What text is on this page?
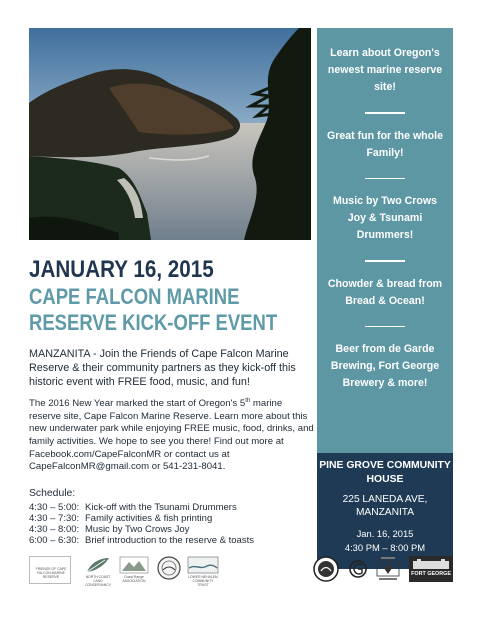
Learn about Oregon's newest marine reserve site!
Great fun for the whole Family!
Music by Two Crows Joy & Tsunami Drummers!
Chowder & bread from Bread & Ocean!
Beer from de Garde Brewing, Fort George Brewery & more!
PINE GROVE COMMUNITY
HOUSE
225 LANEDA AVE,
MANZANITA
Jan. 16, 2015
4:30 PM – 8:00 PM
JANUARY 16, 2015
CAPE FALCON MARINE
RESERVE KICK-OFF EVENT
MANZANITA - Join the Friends of Cape Falcon Marine Reserve & their community partners as they kick-off this historic event with FREE food, music, and fun!
The 2016 New Year marked the start of Oregon's 5th marine reserve site, Cape Falcon Marine Reserve. Learn more about this new underwater park while enjoying FREE music, food, drinks, and family activities. We hope to see you there! Find out more at Facebook.com/CapeFalconMR or contact us at CapeFalconMR@gmail.com or 541-231-8041.
Schedule:
4:30 – 5:00: Kick-off with the Tsunami Drummers
4:30 – 7:30: Family activities & fish printing
4:30 – 8:00: Music by Two Crows Joy
6:00 – 6:30: Brief introduction to the reserve & toasts
FRIENDS OF CAPE FALCON MARINE RESERVE	NORTH COAST LAND CONSERVANCY
Coast Range ASSOCIATION
LOWER NEHALEM COMMUNITY TRUST
FORT GEORGE
